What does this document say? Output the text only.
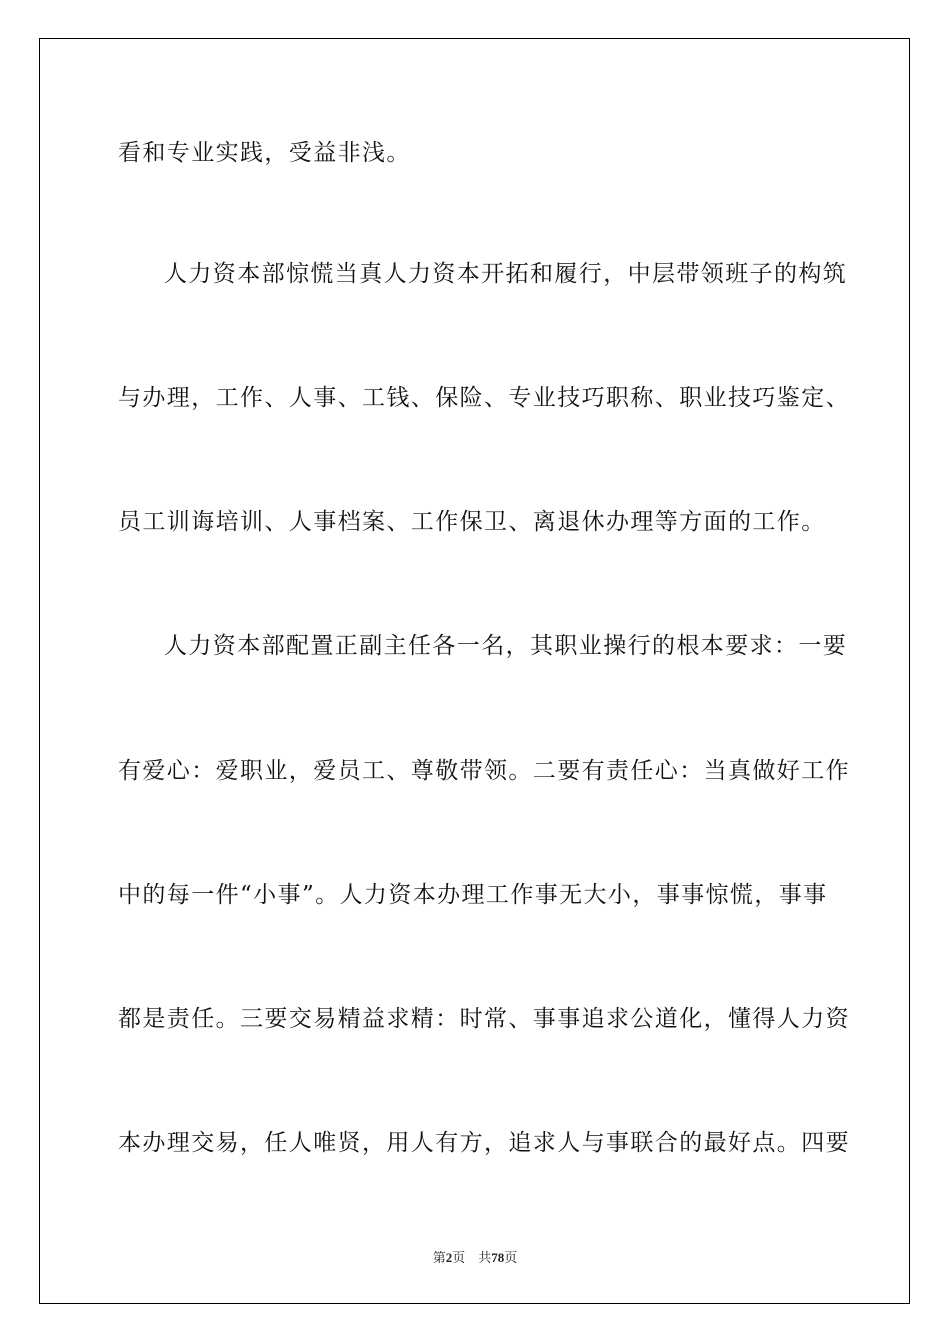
看和专业实践，受益非浅。

人力资本部惊慌当真人力资本开拓和履行，中层带领班子的构筑

与办理，工作、人事、工钱、保险、专业技巧职称、职业技巧鉴定、

员工训诲培训、人事档案、工作保卫、离退休办理等方面的工作。

人力资本部配置正副主任各一名，其职业操行的根本要求：一要

有爱心：爱职业，爱员工、尊敬带领。二要有责任心：当真做好工作

中的每一件“小事”。人力资本办理工作事无大小，事事惊慌，事事

都是责任。三要交易精益求精：时常、事事追求公道化，懂得人力资

本办理交易，任人唯贤，用人有方，追求人与事联合的最好点。四要

第2页 共78页
